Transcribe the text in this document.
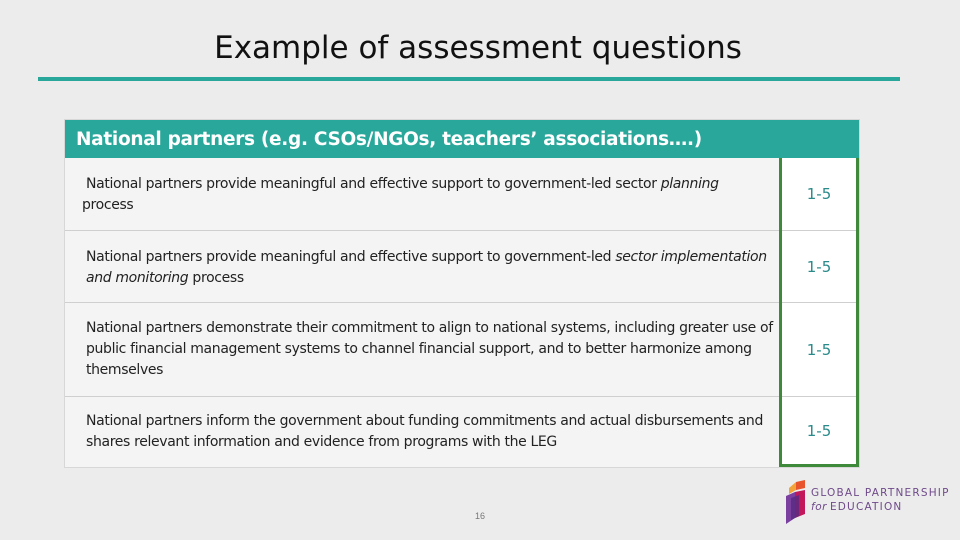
Example of assessment questions
National partners (e.g. CSOs/NGOs, teachers’ associations….)
National partners provide meaningful and effective support to government-led sector planning
process
National partners provide meaningful and effective support to government-led sector implementation and monitoring process
National partners demonstrate their commitment to align to national systems, including greater use of public financial management systems to channel financial support, and to better harmonize among themselves
National partners inform the government about funding commitments and actual disbursements and shares relevant information and evidence from programs with the LEG
1-5
1-5
1-5
1-5
16
GLOBAL PARTNERSHIP
for EDUCATION
